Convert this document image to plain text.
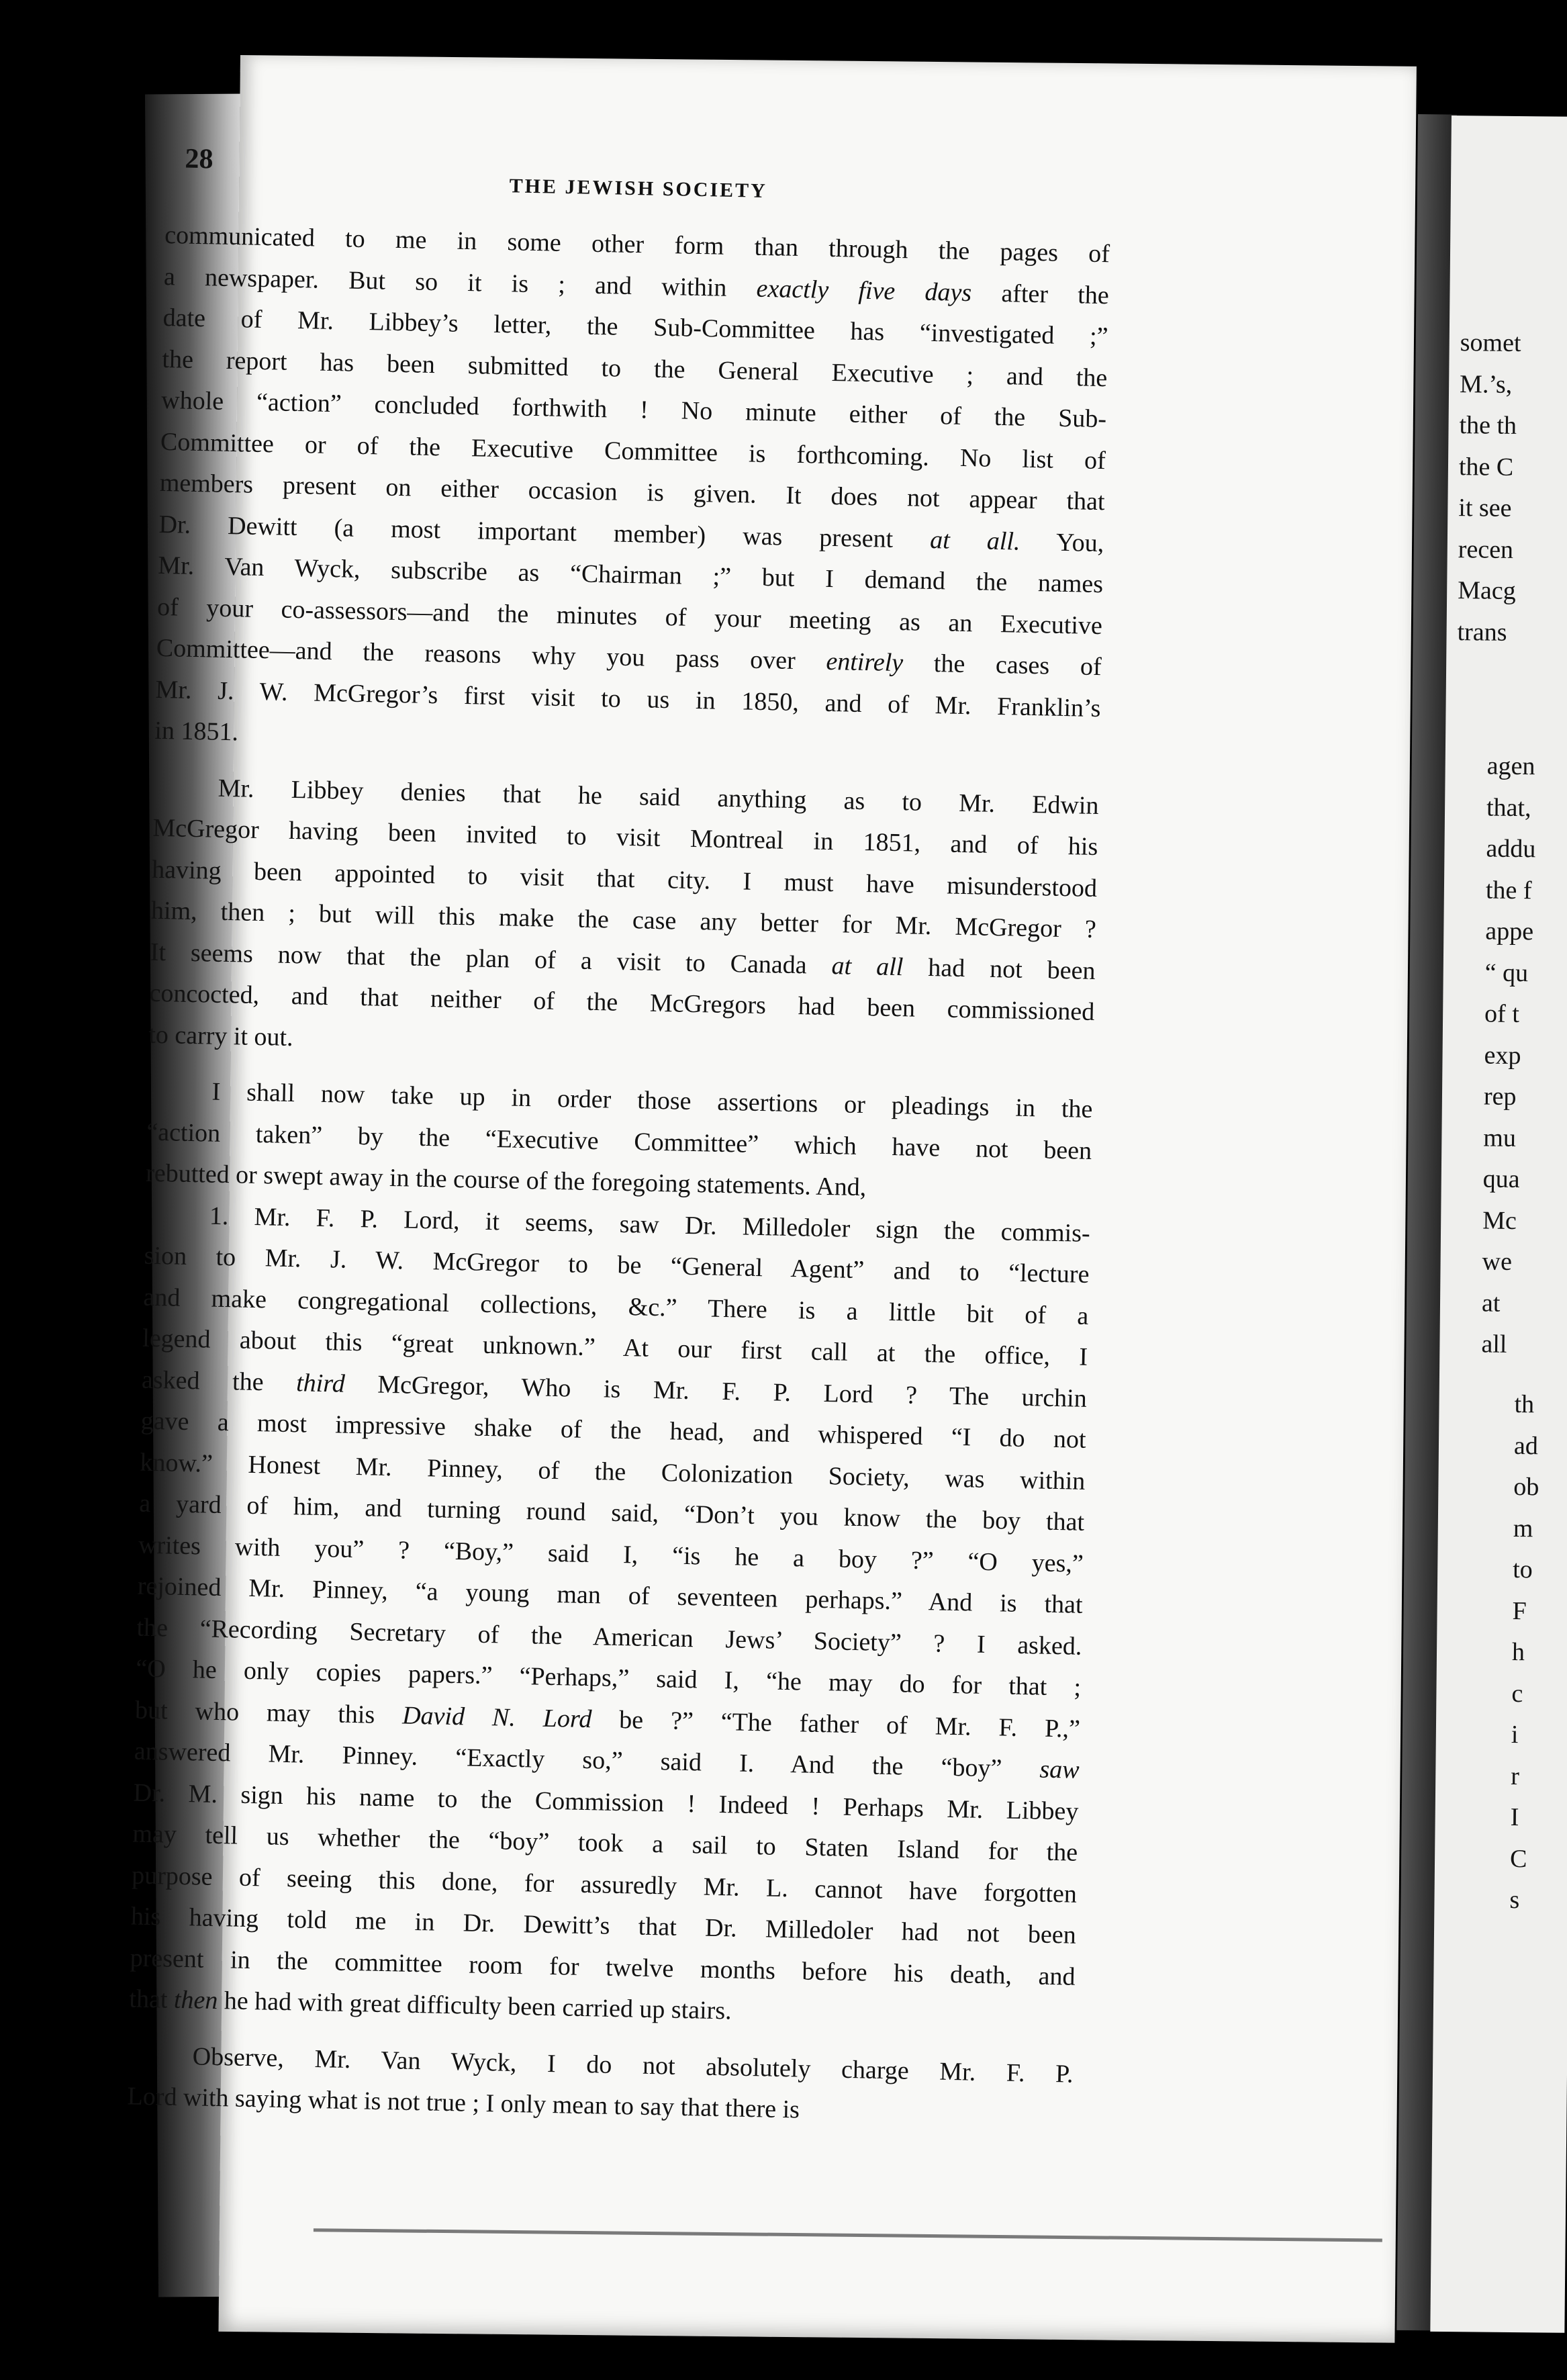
somet
M.’s,
the th
the C
it see
recen
Macg
trans
agen
that,
addu
the f
appe
“ qu
of t
exp
rep
mu
qua
Mc
we
at
all
th
ad
ob
m
to
F
h
c
i
r
I
C
s
28
THE JEWISH SOCIETY
communicated to me in some other form than through the pages of
a newspaper. But so it is ; and within exactly five days after the
date of Mr. Libbey’s letter, the Sub-Committee has “investigated ;”
the report has been submitted to the General Executive ; and the
whole “action” concluded forthwith ! No minute either of the Sub-
Committee or of the Executive Committee is forthcoming. No list of
members present on either occasion is given. It does not appear that
Dr. Dewitt (a most important member) was present at all. You,
Mr. Van Wyck, subscribe as “Chairman ;” but I demand the names
of your co-assessors—and the minutes of your meeting as an Executive
Committee—and the reasons why you pass over entirely the cases of
Mr. J. W. McGregor’s first visit to us in 1850, and of Mr. Franklin’s
in 1851.
Mr. Libbey denies that he said anything as to Mr. Edwin
McGregor having been invited to visit Montreal in 1851, and of his
having been appointed to visit that city. I must have misunderstood
him, then ; but will this make the case any better for Mr. McGregor ?
It seems now that the plan of a visit to Canada at all had not been
concocted, and that neither of the McGregors had been commissioned
to carry it out.
I shall now take up in order those assertions or pleadings in the
“action taken” by the “Executive Committee” which have not been
rebutted or swept away in the course of the foregoing statements. And,
1. Mr. F. P. Lord, it seems, saw Dr. Milledoler sign the commis-
sion to Mr. J. W. McGregor to be “General Agent” and to “lecture
and make congregational collections, &c.” There is a little bit of a
legend about this “great unknown.” At our first call at the office, I
asked the third McGregor, Who is Mr. F. P. Lord ? The urchin
gave a most impressive shake of the head, and whispered “I do not
know.” Honest Mr. Pinney, of the Colonization Society, was within
a yard of him, and turning round said, “Don’t you know the boy that
writes with you” ? “Boy,” said I, “is he a boy ?” “O yes,”
rejoined Mr. Pinney, “a young man of seventeen perhaps.” And is that
the “Recording Secretary of the American Jews’ Society” ? I asked.
“O he only copies papers.” “Perhaps,” said I, “he may do for that ;
but who may this David N. Lord be ?” “The father of Mr. F. P.,”
answered Mr. Pinney. “Exactly so,” said I. And the “boy” saw
Dr. M. sign his name to the Commission ! Indeed ! Perhaps Mr. Libbey
may tell us whether the “boy” took a sail to Staten Island for the
purpose of seeing this done, for assuredly Mr. L. cannot have forgotten
his having told me in Dr. Dewitt’s that Dr. Milledoler had not been
present in the committee room for twelve months before his death, and
that then he had with great difficulty been carried up stairs.
Observe, Mr. Van Wyck, I do not absolutely charge Mr. F. P.
Lord with saying what is not true ; I only mean to say that there is
